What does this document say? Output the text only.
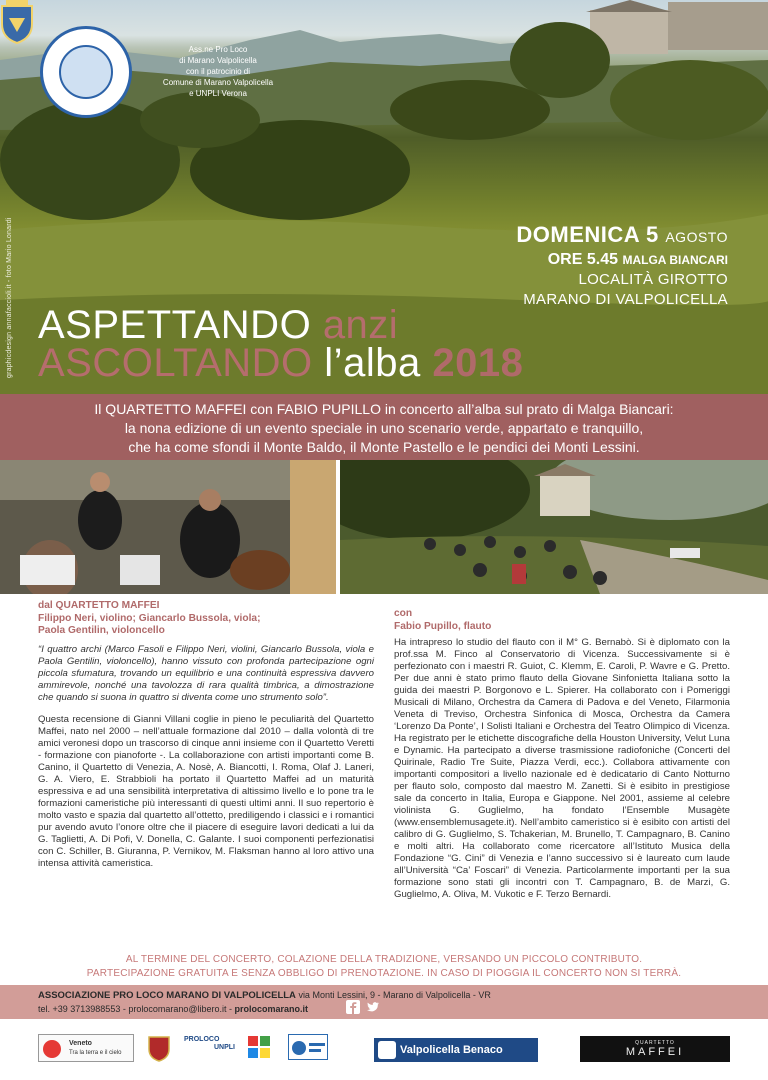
graphicdesign annafaccioli.it - foto Mario Lonardi
Ass.ne Pro Loco
di Marano Valpolicella
con il patrocinio di
Comune di Marano Valpolicella
e UNPLI Verona
DOMENICA 5 AGOSTO
ORE 5.45 MALGA BIANCARI
LOCALITÀ GIROTTO
MARANO DI VALPOLICELLA
ASPETTANDO anzi
ASCOLTANDO l’alba 2018
Il QUARTETTO MAFFEI con FABIO PUPILLO in concerto all’alba sul prato di Malga Biancari:
la nona edizione di un evento speciale in uno scenario verde, appartato e tranquillo,
che ha come sfondi il Monte Baldo, il Monte Pastello e le pendici dei Monti Lessini.
dal QUARTETTO MAFFEI
Filippo Neri, violino; Giancarlo Bussola, viola;
Paola Gentilin, violoncello
“I quattro archi (Marco Fasoli e Filippo Neri, violini, Giancarlo Bussola, viola e Paola Gentilin, violoncello), hanno vissuto con profonda partecipazione ogni piccola sfumatura, trovando un equilibrio e una continuità espressiva davvero ammirevole, nonché una tavolozza di rara qualità timbrica, a dimostrazione che quando si suona in quattro si diventa come uno strumento solo”.
Questa recensione di Gianni Villani coglie in pieno le peculiarità del Quartetto Maffei, nato nel 2000 – nell’attuale formazione dal 2010 – dalla volontà di tre amici veronesi dopo un trascorso di cinque anni insieme con il Quartetto Veretti - formazione con pianoforte -. La collaborazione con artisti importanti come B. Canino, il Quartetto di Venezia, A. Nosè, A. Biancotti, I. Roma, Olaf J. Laneri, G. A. Viero, E. Strabbioli ha portato il Quartetto Maffei ad un maturità espressiva e ad una sensibilità interpretativa di altissimo livello e lo pone tra le formazioni cameristiche più interessanti di questi ultimi anni. Il suo repertorio è molto vasto e spazia dal quartetto all’ottetto, prediligendo i classici e i romantici pur avendo avuto l’onore oltre che il piacere di eseguire lavori dedicati a lui da G. Taglietti, A. Di Pofi, V. Donella, C. Galante. I suoi componenti perfezionatisi con C. Schiller, B. Giuranna, P. Vernikov, M. Flaksman hanno al loro attivo una intensa attività cameristica.
con
Fabio Pupillo, flauto
Ha intrapreso lo studio del flauto con il M° G. Bernabò. Si è diplomato con la prof.ssa M. Finco al Conservatorio di Vicenza. Successivamente si è perfezionato con i maestri R. Guiot, C. Klemm, E. Caroli, P. Wavre e G. Pretto. Per due anni è stato primo flauto della Giovane Sinfonietta Italiana sotto la guida dei maestri P. Borgonovo e L. Spierer. Ha collaborato con i Pomeriggi Musicali di Milano, Orchestra da Camera di Padova e del Veneto, Filarmonia Veneta di Treviso, Orchestra Sinfonica di Mosca, Orchestra da Camera ‘Lorenzo Da Ponte’, I Solisti Italiani e Orchestra del Teatro Olimpico di Vicenza. Ha registrato per le etichette discografiche della Houston University, Velut Luna e Dynamic. Ha partecipato a diverse trasmissione radiofoniche (Concerti del Quirinale, Radio Tre Suite, Piazza Verdi, ecc.). Collabora attivamente con importanti compositori a livello nazionale ed è dedicatario di Canto Notturno per flauto solo, composto dal maestro M. Zanetti. Si è esibito in prestigiose sale da concerto in Italia, Europa e Giappone. Nel 2001, assieme al celebre violinista G. Guglielmo, ha fondato l’Ensemble Musagète (www.ensemblemusagete.it). Nell’ambito cameristico si è esibito con artisti del calibro di G. Guglielmo, S. Tchakerian, M. Brunello, T. Campagnaro, B. Canino e molti altri. Ha collaborato come ricercatore all’Istituto Musica della Fondazione “G. Cini” di Venezia e l’anno successivo si è laureato cum laude all’Università “Ca’ Foscari” di Venezia. Particolarmente importanti per la sua formazione sono stati gli incontri con T. Campagnaro, B. de Marzi, G. Guglielmo, A. Oliva, M. Vukotic e F. Terzo Bernardi.
AL TERMINE DEL CONCERTO, COLAZIONE DELLA TRADIZIONE, VERSANDO UN PICCOLO CONTRIBUTO.
PARTECIPAZIONE GRATUITA E SENZA OBBLIGO DI PRENOTAZIONE. IN CASO DI PIOGGIA IL CONCERTO NON SI TERRÀ.
ASSOCIAZIONE PRO LOCO MARANO DI VALPOLICELLA via Monti Lessini, 9 - Marano di Valpolicella - VR
tel. +39 3713988553 - prolocomarano@libero.it - prolocomarano.it
Veneto
Tra la terra e il cielo
PROLOCO
UNPLI	Valpolicella Benaco Banca
QUARTETTO
MAFFEI
